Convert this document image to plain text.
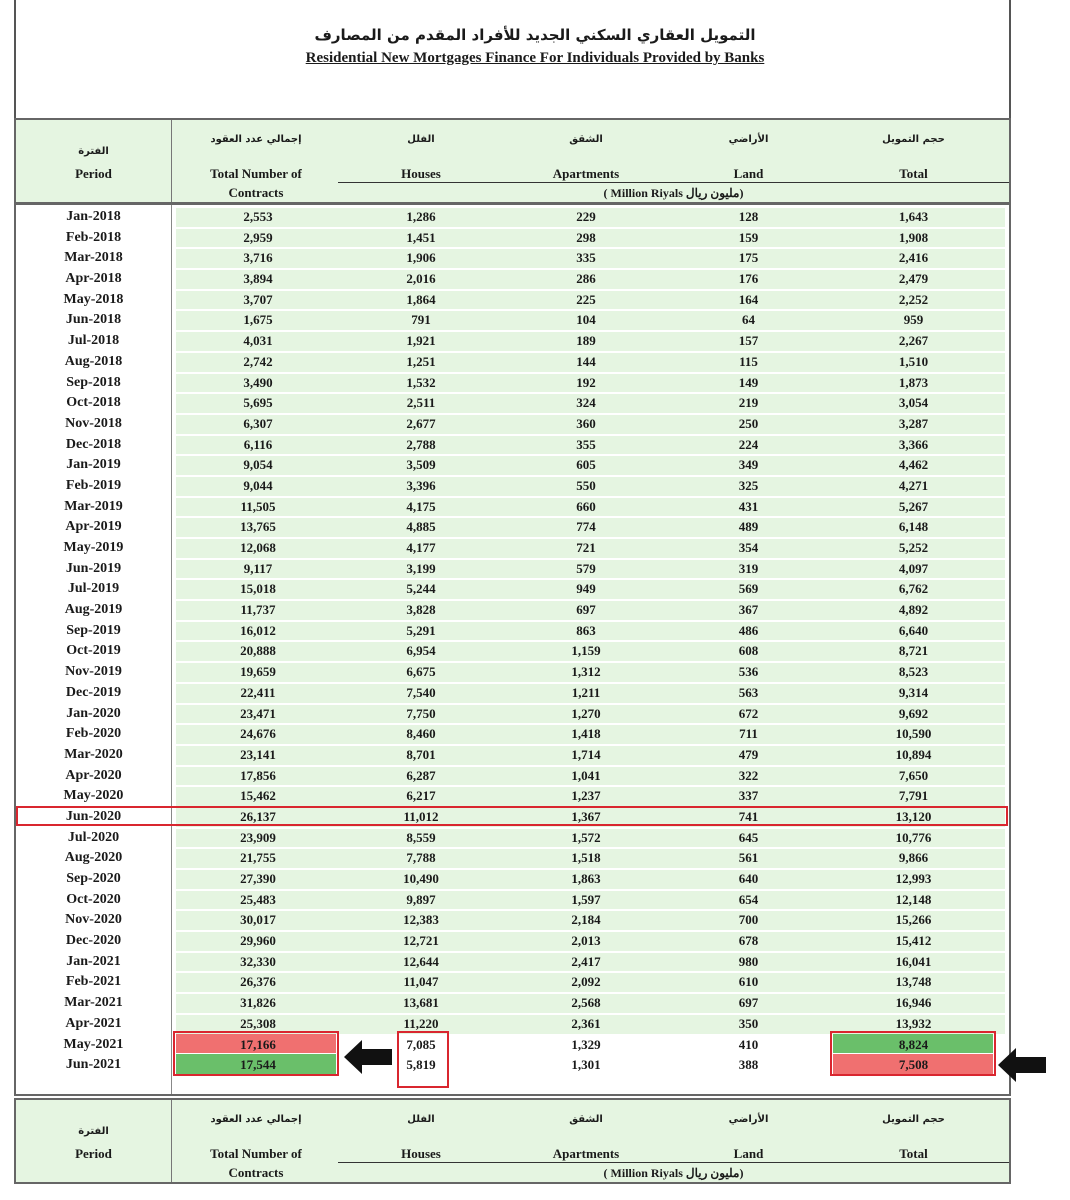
التمويل العقاري السكني الجديد للأفراد المقدم من المصارف
Residential New Mortgages Finance For Individuals Provided by Banks
الفترة
Period
إجمالي عدد العقود
Total Number of
Contracts
الفلل
Houses
الشقق
Apartments
الأراضي
Land
حجم التمويل
Total
( Million Riyals مليون ريال)
Jan-2018	2,553	1,286	229	128	1,643
Feb-2018	2,959	1,451	298	159	1,908
Mar-2018	3,716	1,906	335	175	2,416
Apr-2018	3,894	2,016	286	176	2,479
May-2018	3,707	1,864	225	164	2,252
Jun-2018	1,675	791	104	64	959
Jul-2018	4,031	1,921	189	157	2,267
Aug-2018	2,742	1,251	144	115	1,510
Sep-2018	3,490	1,532	192	149	1,873
Oct-2018	5,695	2,511	324	219	3,054
Nov-2018	6,307	2,677	360	250	3,287
Dec-2018	6,116	2,788	355	224	3,366
Jan-2019	9,054	3,509	605	349	4,462
Feb-2019	9,044	3,396	550	325	4,271
Mar-2019	11,505	4,175	660	431	5,267
Apr-2019	13,765	4,885	774	489	6,148
May-2019	12,068	4,177	721	354	5,252
Jun-2019	9,117	3,199	579	319	4,097
Jul-2019	15,018	5,244	949	569	6,762
Aug-2019	11,737	3,828	697	367	4,892
Sep-2019	16,012	5,291	863	486	6,640
Oct-2019	20,888	6,954	1,159	608	8,721
Nov-2019	19,659	6,675	1,312	536	8,523
Dec-2019	22,411	7,540	1,211	563	9,314
Jan-2020	23,471	7,750	1,270	672	9,692
Feb-2020	24,676	8,460	1,418	711	10,590
Mar-2020	23,141	8,701	1,714	479	10,894
Apr-2020	17,856	6,287	1,041	322	7,650
May-2020	15,462	6,217	1,237	337	7,791
Jun-2020	26,137	11,012	1,367	741	13,120
Jul-2020	23,909	8,559	1,572	645	10,776
Aug-2020	21,755	7,788	1,518	561	9,866
Sep-2020	27,390	10,490	1,863	640	12,993
Oct-2020	25,483	9,897	1,597	654	12,148
Nov-2020	30,017	12,383	2,184	700	15,266
Dec-2020	29,960	12,721	2,013	678	15,412
Jan-2021	32,330	12,644	2,417	980	16,041
Feb-2021	26,376	11,047	2,092	610	13,748
Mar-2021	31,826	13,681	2,568	697	16,946
Apr-2021	25,308	11,220	2,361	350	13,932
May-2021	17,166	7,085	1,329	410	8,824
Jun-2021	17,544	5,819	1,301	388	7,508
الفترة
Period
إجمالي عدد العقود
Total Number of
Contracts
الفلل
Houses
الشقق
Apartments
الأراضي
Land
حجم التمويل
Total
( Million Riyals مليون ريال)
